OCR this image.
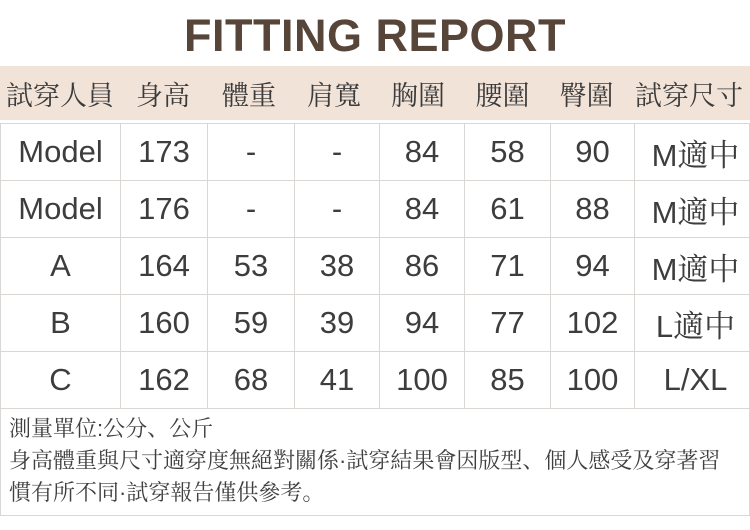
FITTING REPORT
試穿人員 身高	體重	肩寬	胸圍	腰圍	臀圍 試穿尺寸
Model	173	-	-	84	58	90	M適中
Model	176	-	-	84	61	88	M適中
A	164	53	38	86	71	94	M適中
B	160	59	39	94	77	102	L適中
C	162	68	41	100	85	100	L/XL

測量單位:公分、公斤

身高體重與尺寸適穿度無絕對關係·試穿結果會因版型、個人感受及穿著習慣有所不同·試穿報告僅供參考。
